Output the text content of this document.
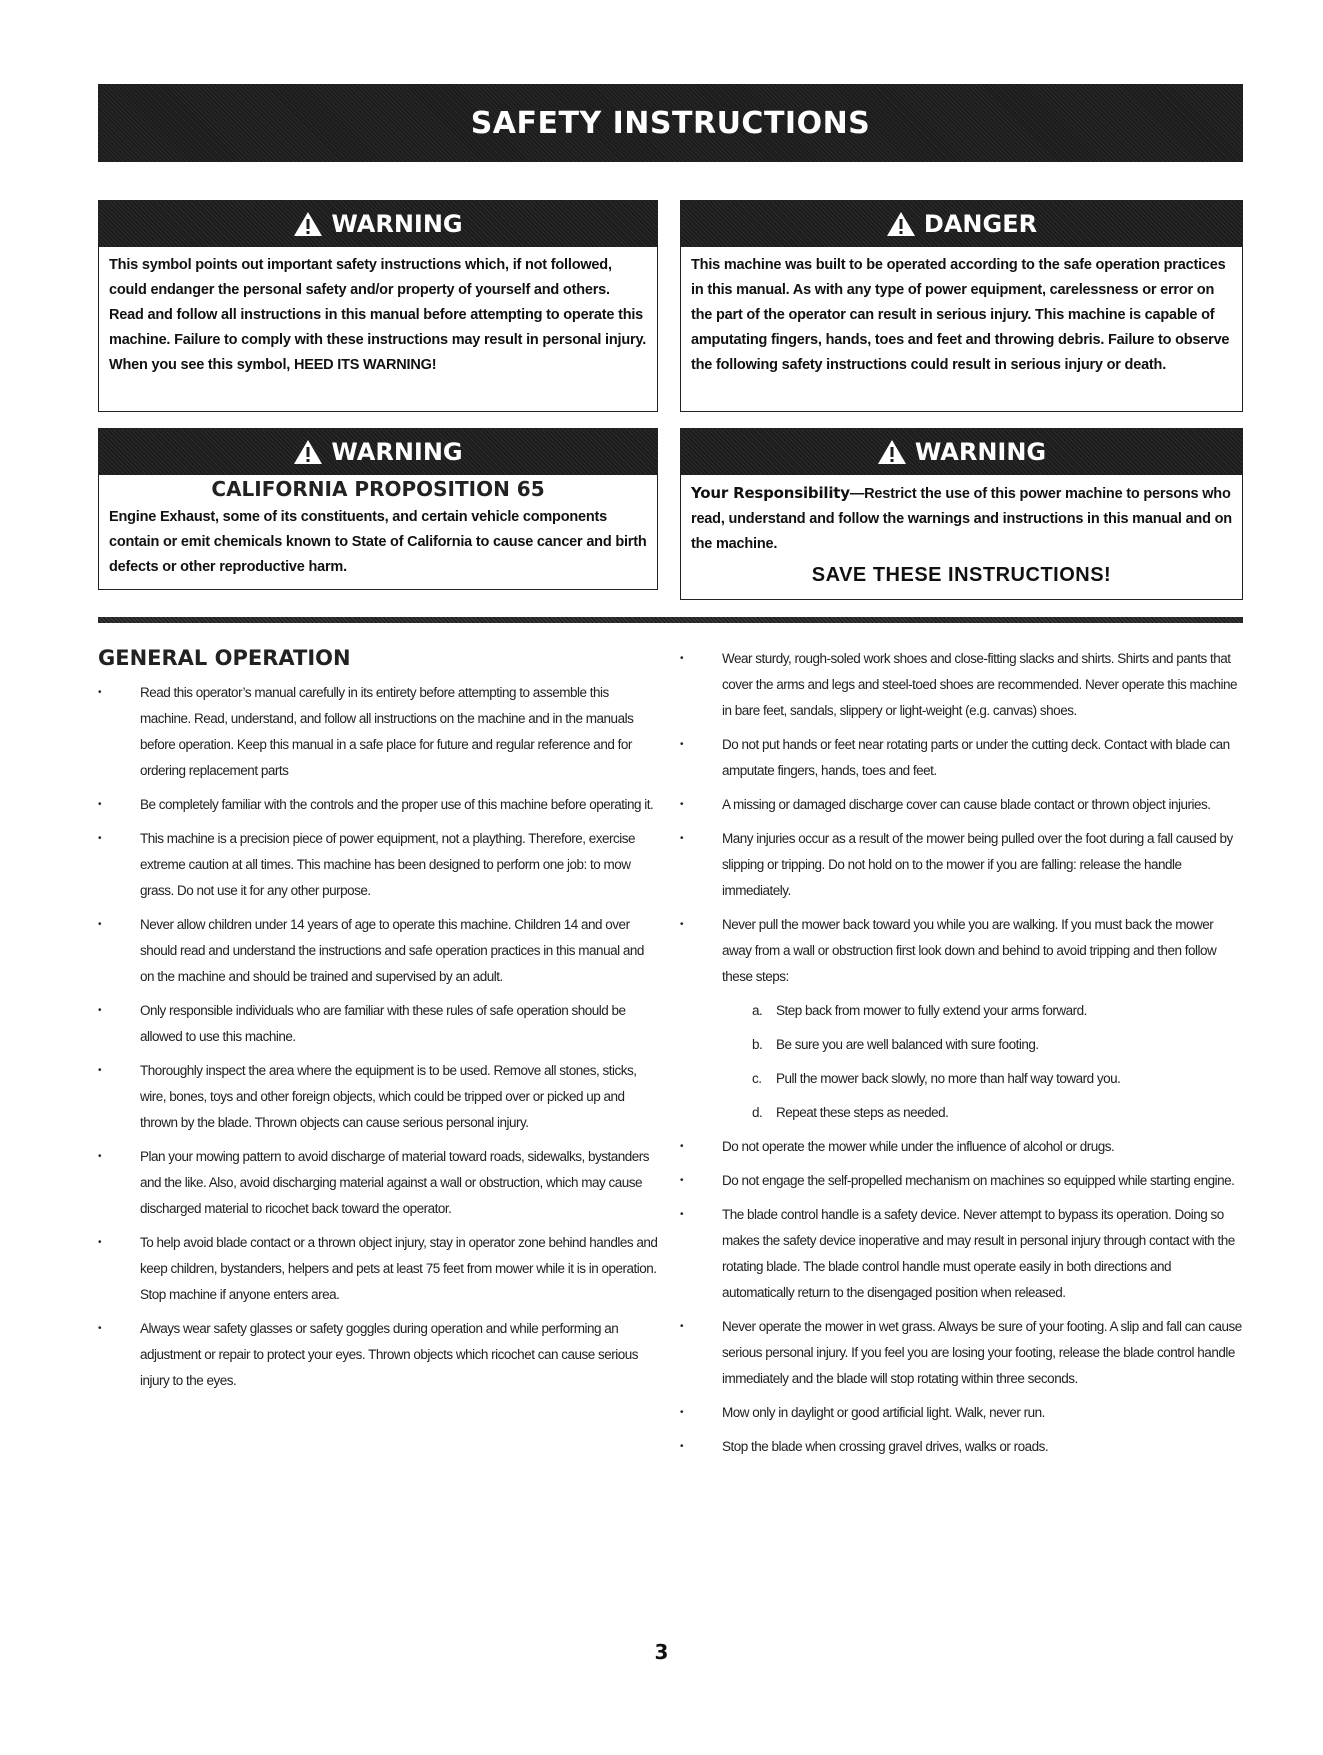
SAFETY INSTRUCTIONS
WARNING
This symbol points out important safety instructions which, if not followed, could endanger the personal safety and/or property of yourself and others. Read and follow all instructions in this manual before attempting to operate this machine. Failure to comply with these instructions may result in personal injury. When you see this symbol, HEED ITS WARNING!
DANGER
This machine was built to be operated according to the safe operation practices in this manual. As with any type of power equipment, carelessness or error on the part of the operator can result in serious injury. This machine is capable of amputating fingers, hands, toes and feet and throwing debris. Failure to observe the following safety instructions could result in serious injury or death.
WARNING
CALIFORNIA PROPOSITION 65
Engine Exhaust, some of its constituents, and certain vehicle components contain or emit chemicals known to State of California to cause cancer and birth defects or other reproductive harm.
WARNING
Your Responsibility—Restrict the use of this power machine to persons who read, understand and follow the warnings and instructions in this manual and on the machine.
SAVE THESE INSTRUCTIONS!
GENERAL OPERATION
• Read this operator’s manual carefully in its entirety before attempting to assemble this machine. Read, understand, and follow all instructions on the machine and in the manuals before operation. Keep this manual in a safe place for future and regular reference and for ordering replacement parts
• Be completely familiar with the controls and the proper use of this machine before operating it.
• This machine is a precision piece of power equipment, not a plaything. Therefore, exercise extreme caution at all times. This machine has been designed to perform one job: to mow grass. Do not use it for any other purpose.
• Never allow children under 14 years of age to operate this machine. Children 14 and over should read and understand the instructions and safe operation practices in this manual and on the machine and should be trained and supervised by an adult.
• Only responsible individuals who are familiar with these rules of safe operation should be allowed to use this machine.
• Thoroughly inspect the area where the equipment is to be used. Remove all stones, sticks, wire, bones, toys and other foreign objects, which could be tripped over or picked up and thrown by the blade. Thrown objects can cause serious personal injury.
• Plan your mowing pattern to avoid discharge of material toward roads, sidewalks, bystanders and the like. Also, avoid discharging material against a wall or obstruction, which may cause discharged material to ricochet back toward the operator.
• To help avoid blade contact or a thrown object injury, stay in operator zone behind handles and keep children, bystanders, helpers and pets at least 75 feet from mower while it is in operation. Stop machine if anyone enters area.
• Always wear safety glasses or safety goggles during operation and while performing an adjustment or repair to protect your eyes. Thrown objects which ricochet can cause serious injury to the eyes.
• Wear sturdy, rough-soled work shoes and close-fitting slacks and shirts. Shirts and pants that cover the arms and legs and steel-toed shoes are recommended. Never operate this machine in bare feet, sandals, slippery or light-weight (e.g. canvas) shoes.
• Do not put hands or feet near rotating parts or under the cutting deck. Contact with blade can amputate fingers, hands, toes and feet.
• A missing or damaged discharge cover can cause blade contact or thrown object injuries.
• Many injuries occur as a result of the mower being pulled over the foot during a fall caused by slipping or tripping. Do not hold on to the mower if you are falling: release the handle immediately.
• Never pull the mower back toward you while you are walking. If you must back the mower away from a wall or obstruction first look down and behind to avoid tripping and then follow these steps:
a. Step back from mower to fully extend your arms forward.
b. Be sure you are well balanced with sure footing.
c. Pull the mower back slowly, no more than half way toward you.
d. Repeat these steps as needed.
• Do not operate the mower while under the influence of alcohol or drugs.
• Do not engage the self-propelled mechanism on machines so equipped while starting engine.
• The blade control handle is a safety device. Never attempt to bypass its operation. Doing so makes the safety device inoperative and may result in personal injury through contact with the rotating blade. The blade control handle must operate easily in both directions and automatically return to the disengaged position when released.
• Never operate the mower in wet grass. Always be sure of your footing. A slip and fall can cause serious personal injury. If you feel you are losing your footing, release the blade control handle immediately and the blade will stop rotating within three seconds.
• Mow only in daylight or good artificial light. Walk, never run.
• Stop the blade when crossing gravel drives, walks or roads.
3
